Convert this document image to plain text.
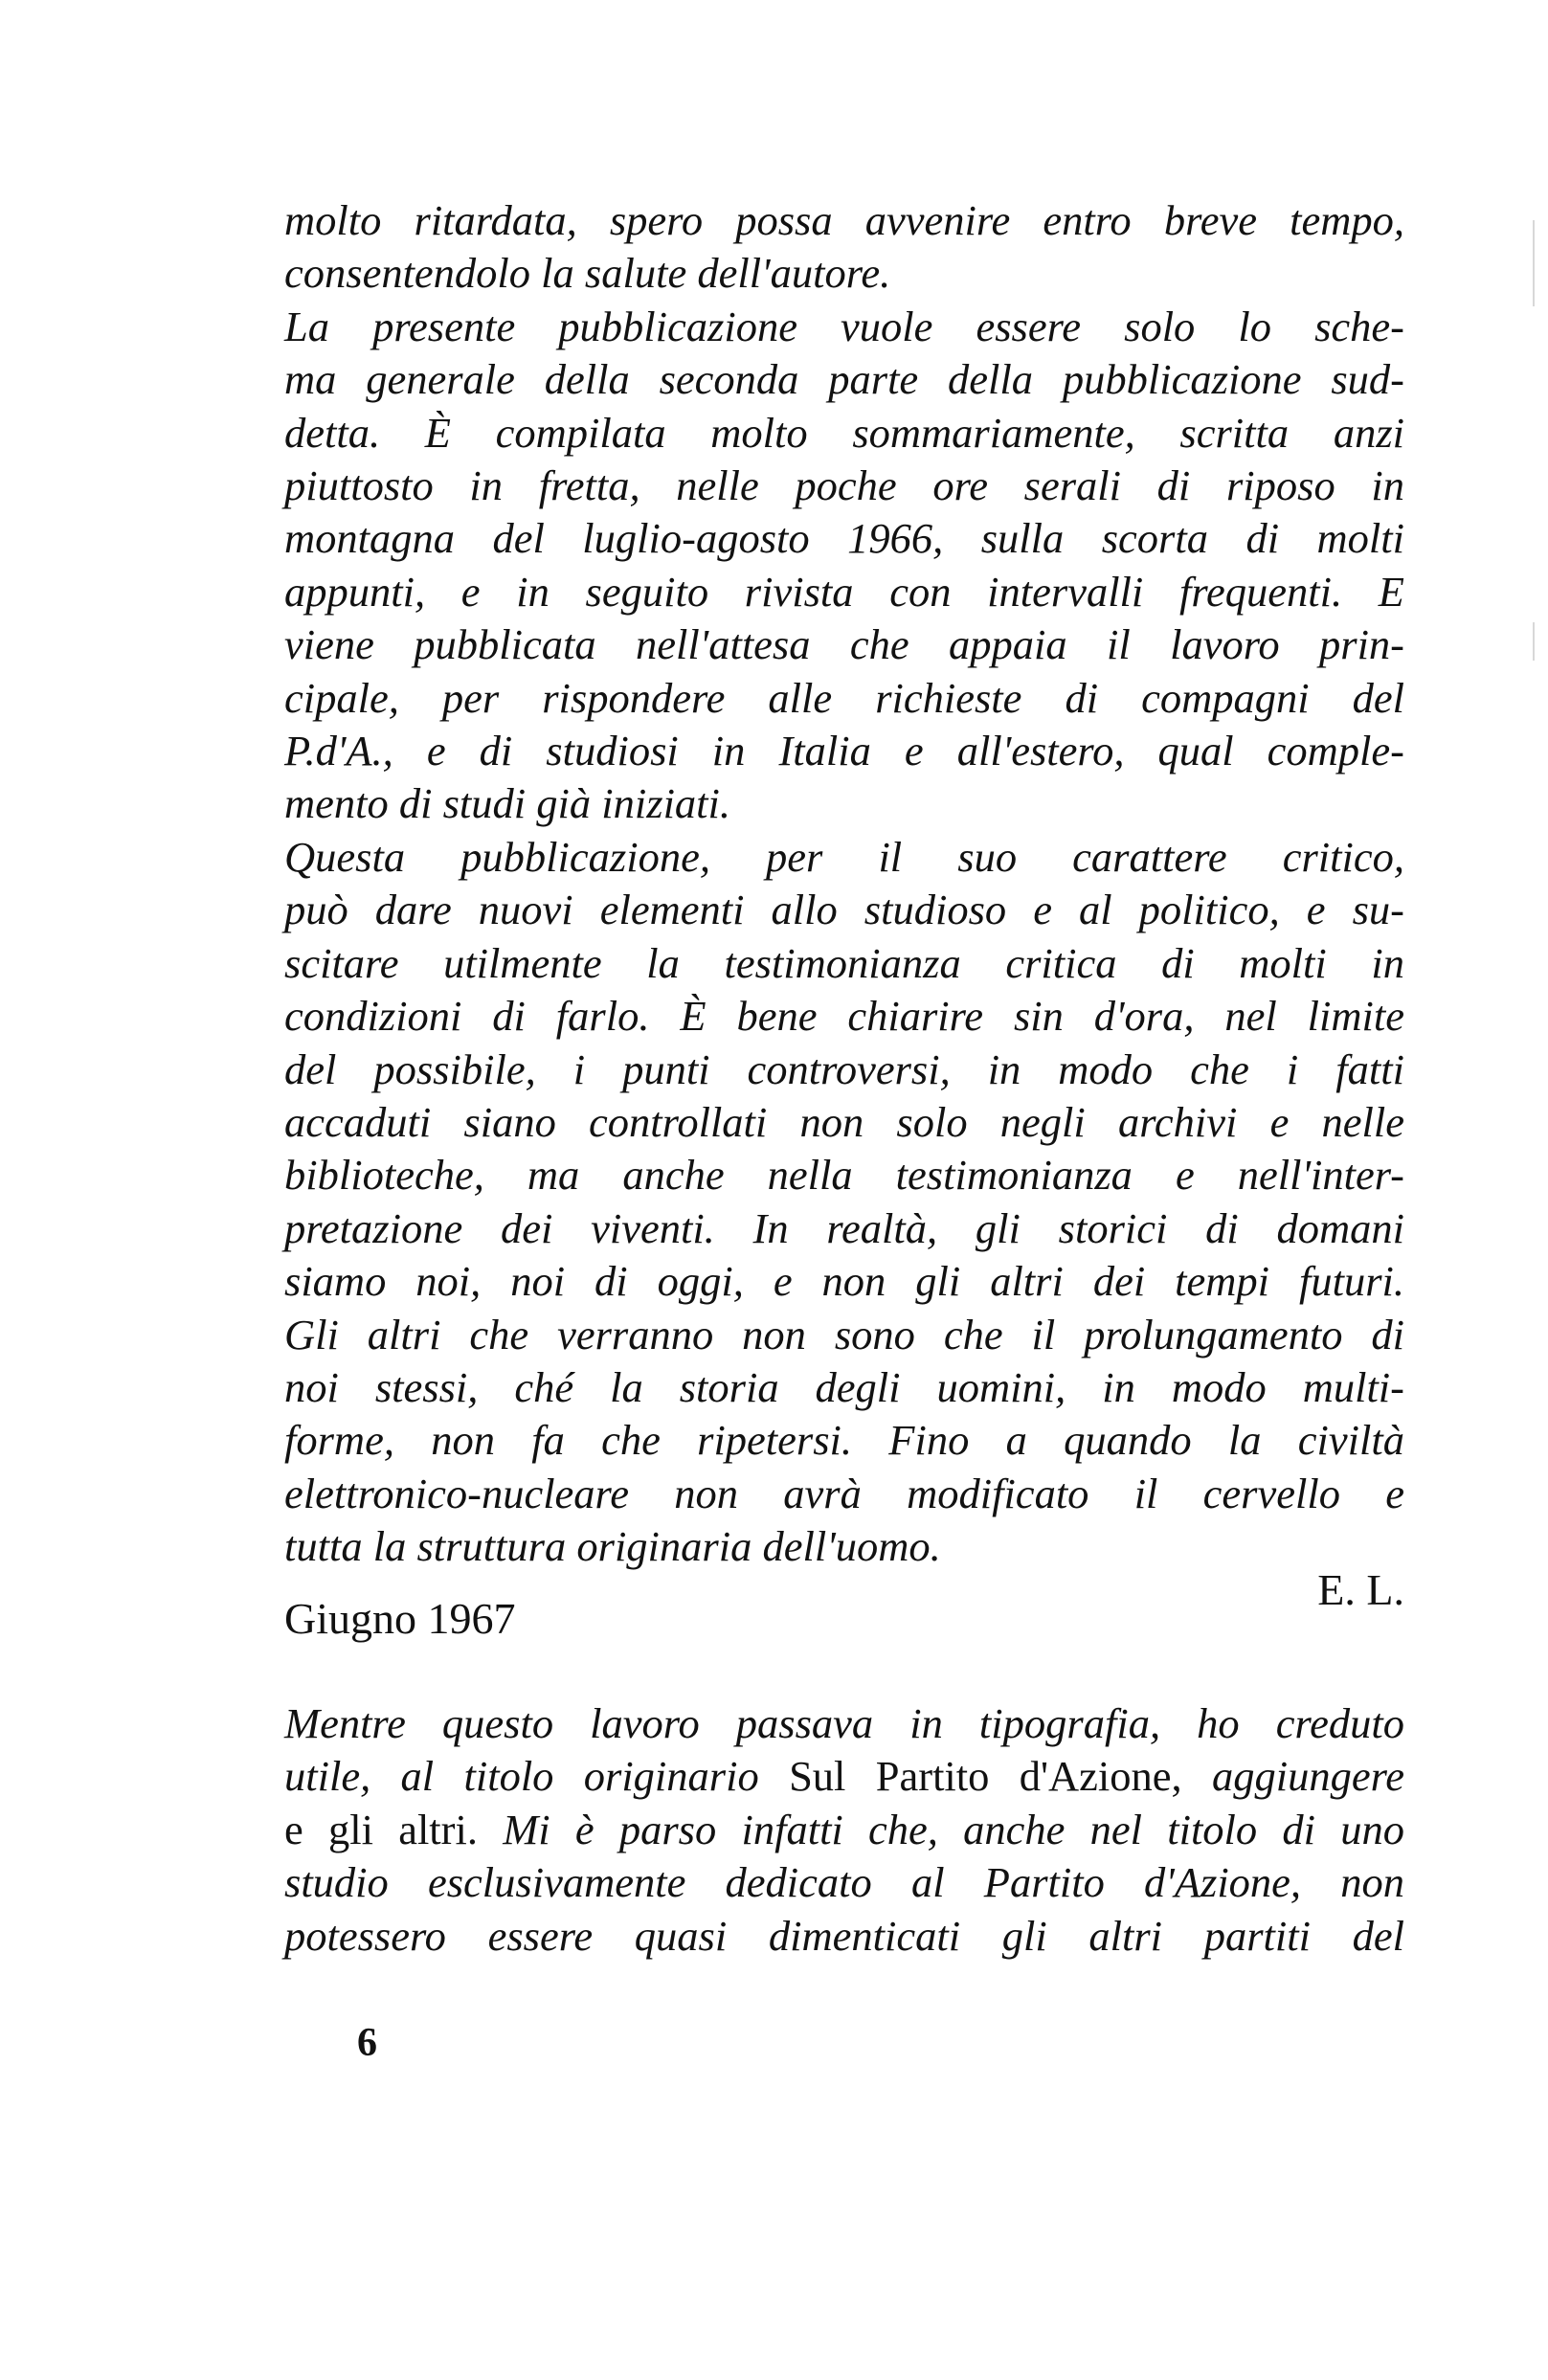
molto ritardata, spero possa avvenire entro breve tempo,
consentendolo la salute dell'autore.
La presente pubblicazione vuole essere solo lo sche-
ma generale della seconda parte della pubblicazione sud-
detta. È compilata molto sommariamente, scritta anzi
piuttosto in fretta, nelle poche ore serali di riposo in
montagna del luglio-agosto 1966, sulla scorta di molti
appunti, e in seguito rivista con intervalli frequenti. E
viene pubblicata nell'attesa che appaia il lavoro prin-
cipale, per rispondere alle richieste di compagni del
P.d'A., e di studiosi in Italia e all'estero, qual comple-
mento di studi già iniziati.
Questa pubblicazione, per il suo carattere critico,
può dare nuovi elementi allo studioso e al politico, e su-
scitare utilmente la testimonianza critica di molti in
condizioni di farlo. È bene chiarire sin d'ora, nel limite
del possibile, i punti controversi, in modo che i fatti
accaduti siano controllati non solo negli archivi e nelle
biblioteche, ma anche nella testimonianza e nell'inter-
pretazione dei viventi. In realtà, gli storici di domani
siamo noi, noi di oggi, e non gli altri dei tempi futuri.
Gli altri che verranno non sono che il prolungamento di
noi stessi, ché la storia degli uomini, in modo multi-
forme, non fa che ripetersi. Fino a quando la civiltà
elettronico-nucleare non avrà modificato il cervello e
tutta la struttura originaria dell'uomo.
Giugno 1967
E. L.
Mentre questo lavoro passava in tipografia, ho creduto
utile, al titolo originario Sul Partito d'Azione, aggiungere
e gli altri. Mi è parso infatti che, anche nel titolo di uno
studio esclusivamente dedicato al Partito d'Azione, non
potessero essere quasi dimenticati gli altri partiti del
6
